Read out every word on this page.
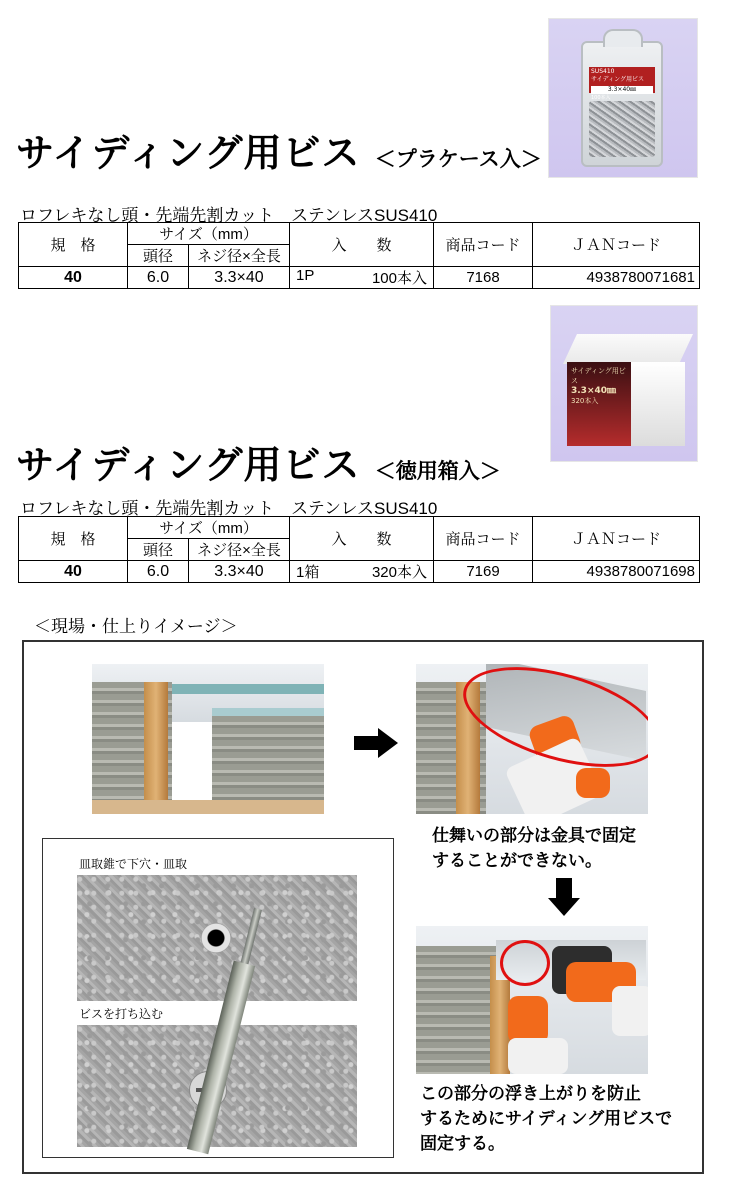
SUS410
サイディング用ビス
3.3×40㎜
100本入
サイディング用ビス ＜プラケース入＞
ロフレキなし頭・先端先割カット　ステンレスSUS410
規　格	サイズ（mm）		入　　数	商品コード	ＪＡＮコード
	頭径	ネジ径×全長			
40	6.0	3.3×40	1P 100本入	7168	4938780071681
サイディング用ビス
3.3×40㎜
320本入
サイディング用ビス ＜徳用箱入＞
ロフレキなし頭・先端先割カット　ステンレスSUS410
規　格	サイズ（mm）		入　　数	商品コード	ＪＡＮコード
	頭径	ネジ径×全長			
40	6.0	3.3×40	1箱 320本入	7169	4938780071698
＜現場・仕上りイメージ＞
仕舞いの部分は金具で固定
することができない。
この部分の浮き上がりを防止
するためにサイディング用ビスで
固定する。
皿取錐で下穴・皿取
ビスを打ち込む
